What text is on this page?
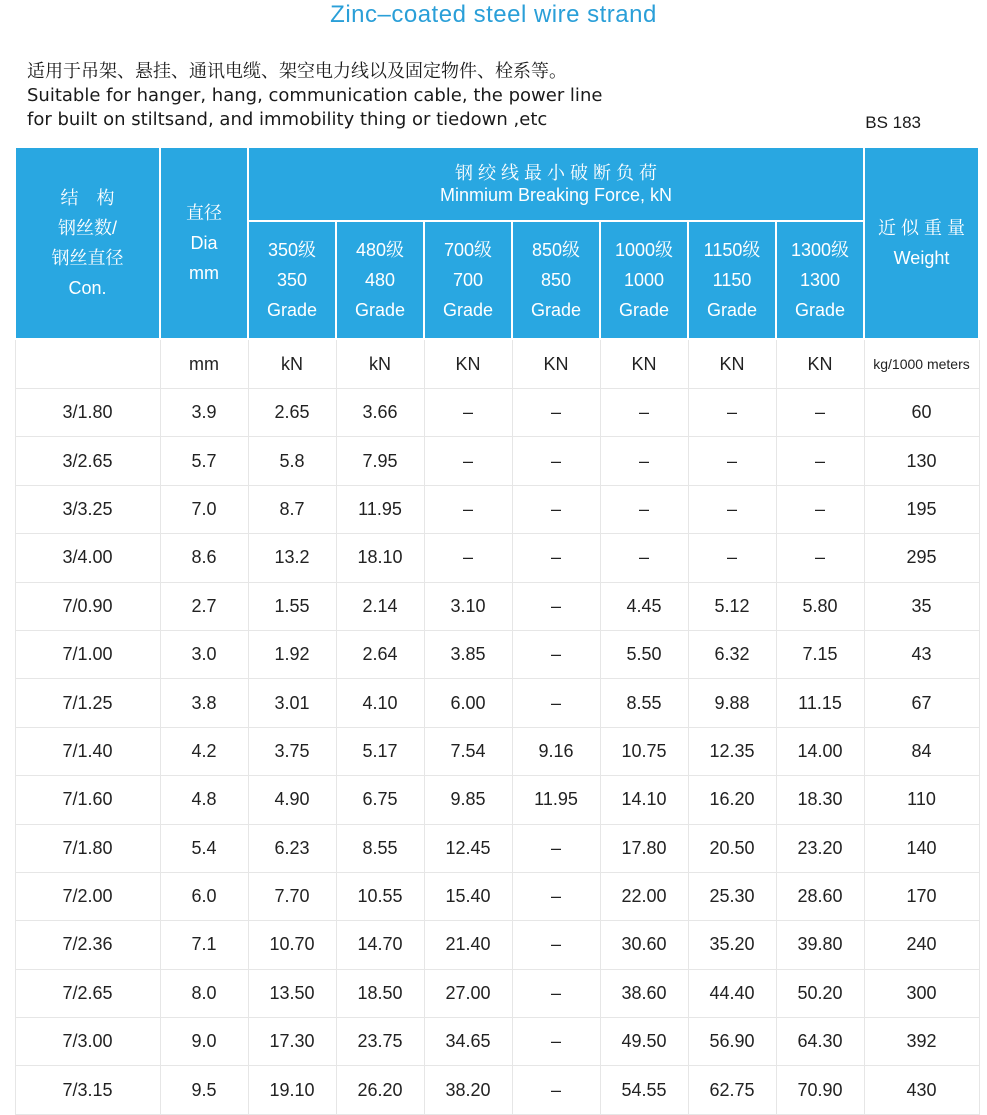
Zinc–coated steel wire strand
适用于吊架、悬挂、通讯电缆、架空电力线以及固定物件、栓系等。
Suitable for hanger, hang, communication cable, the power line
for built on stiltsand, and immobility thing or tiedown ,etc	BS 183
结　构
钢丝数/
钢丝直径
Con.	直径
Dia
mm	钢 绞 线 最 小 破 断 负 荷
Minmium Breaking Force, kN							近 似 重 量
Weight

		350级
350
Grade	480级
480
Grade	700级
700
Grade	850级
850
Grade	1000级
1000
Grade	1150级
1150
Grade	1300级
1300
Grade	

	mm	kN	kN	KN	KN	KN	KN	KN	kg/1000 meters
3/1.80	3.9	2.65	3.66	–	–	–	–	–	60
3/2.65	5.7	5.8	7.95	–	–	–	–	–	130
3/3.25	7.0	8.7	11.95	–	–	–	–	–	195
3/4.00	8.6	13.2	18.10	–	–	–	–	–	295
7/0.90	2.7	1.55	2.14	3.10	–	4.45	5.12	5.80	35
7/1.00	3.0	1.92	2.64	3.85	–	5.50	6.32	7.15	43
7/1.25	3.8	3.01	4.10	6.00	–	8.55	9.88	11.15	67
7/1.40	4.2	3.75	5.17	7.54	9.16	10.75	12.35	14.00	84
7/1.60	4.8	4.90	6.75	9.85	11.95	14.10	16.20	18.30	110
7/1.80	5.4	6.23	8.55	12.45	–	17.80	20.50	23.20	140
7/2.00	6.0	7.70	10.55	15.40	–	22.00	25.30	28.60	170
7/2.36	7.1	10.70	14.70	21.40	–	30.60	35.20	39.80	240
7/2.65	8.0	13.50	18.50	27.00	–	38.60	44.40	50.20	300
7/3.00	9.0	17.30	23.75	34.65	–	49.50	56.90	64.30	392
7/3.15	9.5	19.10	26.20	38.20	–	54.55	62.75	70.90	430
